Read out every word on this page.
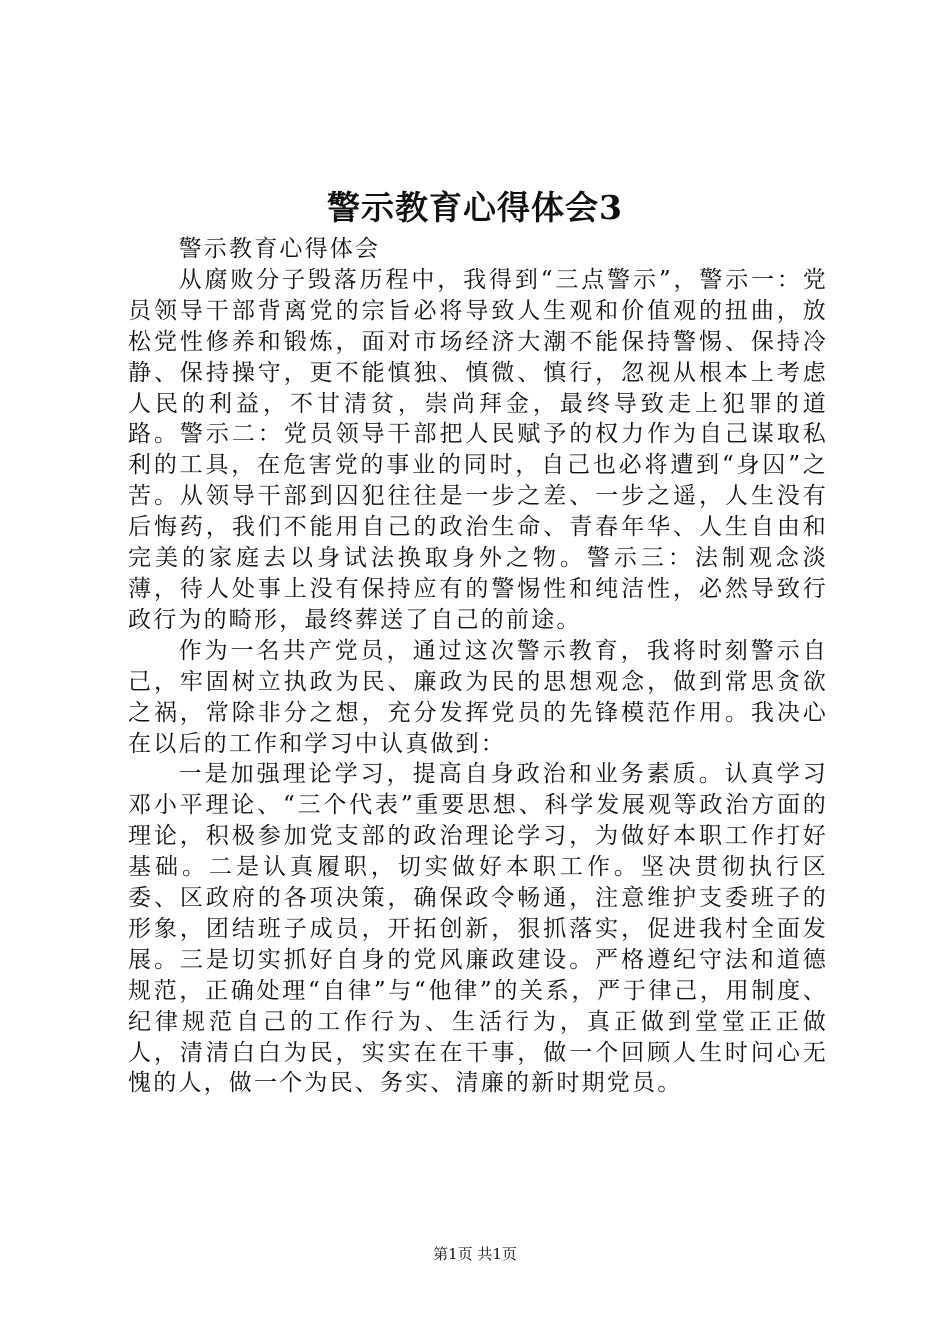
警示教育心得体会3

警示教育心得体会

从腐败分子毁落历程中，我得到“三点警示”，警示一：党员领导干部背离党的宗旨必将导致人生观和价值观的扭曲，放松党性修养和锻炼，面对市场经济大潮不能保持警惕、保持冷静、保持操守，更不能慎独、慎微、慎行，忽视从根本上考虑人民的利益，不甘清贫，崇尚拜金，最终导致走上犯罪的道路。警示二：党员领导干部把人民赋予的权力作为自己谋取私利的工具，在危害党的事业的同时，自己也必将遭到“身囚”之苦。从领导干部到囚犯往往是一步之差、一步之遥，人生没有后悔药，我们不能用自己的政治生命、青春年华、人生自由和完美的家庭去以身试法换取身外之物。警示三：法制观念淡薄，待人处事上没有保持应有的警惕性和纯洁性，必然导致行政行为的畸形，最终葬送了自己的前途。

作为一名共产党员，通过这次警示教育，我将时刻警示自己，牢固树立执政为民、廉政为民的思想观念，做到常思贪欲之祸，常除非分之想，充分发挥党员的先锋模范作用。我决心在以后的工作和学习中认真做到：

一是加强理论学习，提高自身政治和业务素质。认真学习邓小平理论、“三个代表”重要思想、科学发展观等政治方面的理论，积极参加党支部的政治理论学习，为做好本职工作打好基础。二是认真履职，切实做好本职工作。坚决贯彻执行区委、区政府的各项决策，确保政令畅通，注意维护支委班子的形象，团结班子成员，开拓创新，狠抓落实，促进我村全面发展。三是切实抓好自身的党风廉政建设。严格遵纪守法和道德规范，正确处理“自律”与“他律”的关系，严于律己，用制度、纪律规范自己的工作行为、生活行为，真正做到堂堂正正做人，清清白白为民，实实在在干事，做一个回顾人生时问心无愧的人，做一个为民、务实、清廉的新时期党员。

第1页 共1页
